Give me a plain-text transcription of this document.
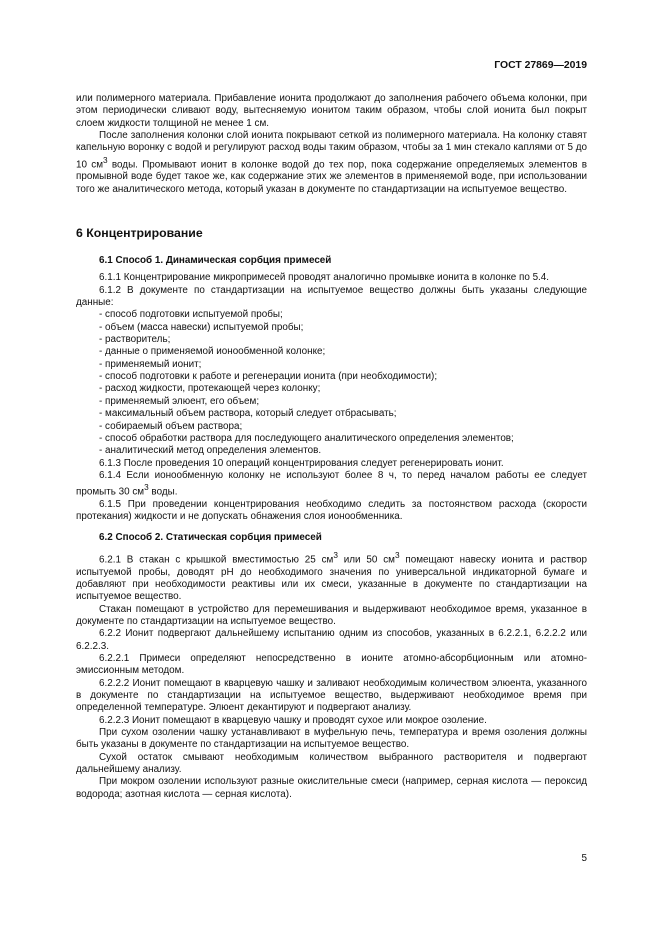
ГОСТ 27869—2019

или полимерного материала. Прибавление ионита продолжают до заполнения рабочего объема колонки, при этом периодически сливают воду, вытесняемую ионитом таким образом, чтобы слой ионита был покрыт слоем жидкости толщиной не менее 1 см.

После заполнения колонки слой ионита покрывают сеткой из полимерного материала. На колонку ставят капельную воронку с водой и регулируют расход воды таким образом, чтобы за 1 мин стекало каплями от 5 до 10 $см^3$ воды. Промывают ионит в колонке водой до тех пор, пока содержание определяемых элементов в промывной воде будет такое же, как содержание этих же элементов в применяемой воде, при использовании того же аналитического метода, который указан в документе по стандартизации на испытуемое вещество.

6 Концентрирование
6.1 Способ 1. Динамическая сорбция примесей

6.1.1 Концентрирование микропримесей проводят аналогично промывке ионита в колонке по 5.4.

6.1.2 В документе по стандартизации на испытуемое вещество должны быть указаны следующие данные:

- способ подготовки испытуемой пробы;
- объем (масса навески) испытуемой пробы;
- растворитель;
- данные о применяемой ионообменной колонке;
- применяемый ионит;
- способ подготовки к работе и регенерации ионита (при необходимости);
- расход жидкости, протекающей через колонку;
- применяемый элюент, его объем;
- максимальный объем раствора, который следует отбрасывать;
- собираемый объем раствора;
- способ обработки раствора для последующего аналитического определения элементов;
- аналитический метод определения элементов.

6.1.3 После проведения 10 операций концентрирования следует регенерировать ионит.

6.1.4 Если ионообменную колонку не используют более 8 ч, то перед началом работы ее следует промыть 30 $см^3$ воды.

6.1.5 При проведении концентрирования необходимо следить за постоянством расхода (скорости протекания) жидкости и не допускать обнажения слоя ионообменника.

6.2 Способ 2. Статическая сорбция примесей

6.2.1 В стакан с крышкой вместимостью 25 $см^3$ или 50 $см^3$ помещают навеску ионита и раствор испытуемой пробы, доводят pH до необходимого значения по универсальной индикаторной бумаге и добавляют при необходимости реактивы или их смеси, указанные в документе по стандартизации на испытуемое вещество.

Стакан помещают в устройство для перемешивания и выдерживают необходимое время, указанное в документе по стандартизации на испытуемое вещество.

6.2.2 Ионит подвергают дальнейшему испытанию одним из способов, указанных в 6.2.2.1, 6.2.2.2 или 6.2.2.3.

6.2.2.1 Примеси определяют непосредственно в ионите атомно-абсорбционным или атомно-эмиссионным методом.

6.2.2.2 Ионит помещают в кварцевую чашку и заливают необходимым количеством элюента, указанного в документе по стандартизации на испытуемое вещество, выдерживают необходимое время при определенной температуре. Элюент декантируют и подвергают анализу.

6.2.2.3 Ионит помещают в кварцевую чашку и проводят сухое или мокрое озоление.

При сухом озолении чашку устанавливают в муфельную печь, температура и время озоления должны быть указаны в документе по стандартизации на испытуемое вещество.

Сухой остаток смывают необходимым количеством выбранного растворителя и подвергают дальнейшему анализу.

При мокром озолении используют разные окислительные смеси (например, серная кислота — пероксид водорода; азотная кислота — серная кислота).

5
